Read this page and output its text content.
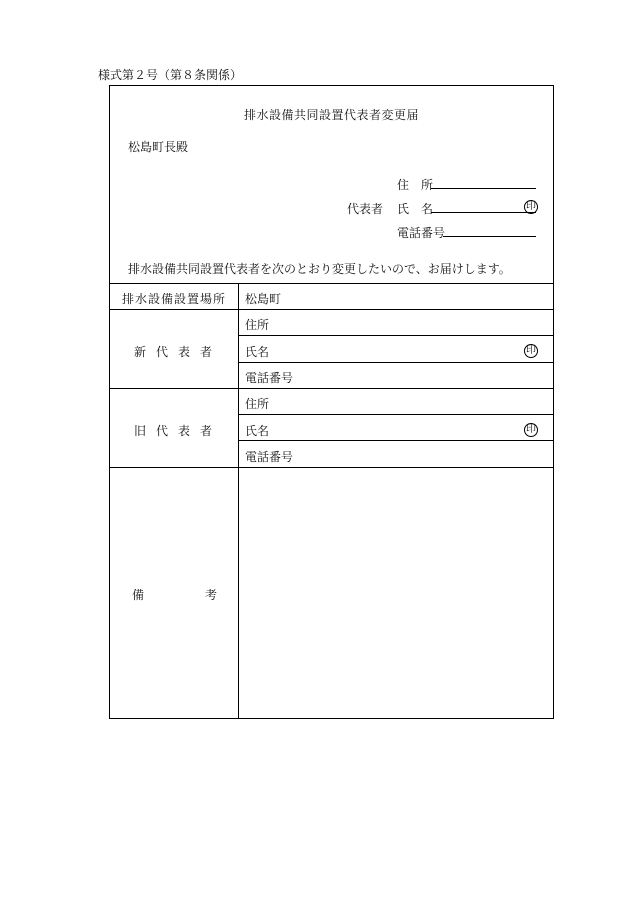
様式第２号（第８条関係）
排水設備共同設置代表者変更届
松島町長殿
住　所
代表者 氏　名	印
電話番号
排水設備共同設置代表者を次のとおり変更したいので、お届けします。
排水設備設置場所 松島町
住所
新代表者 氏名	印
電話番号
住所
旧代表者 氏名	印
電話番号
備	考
